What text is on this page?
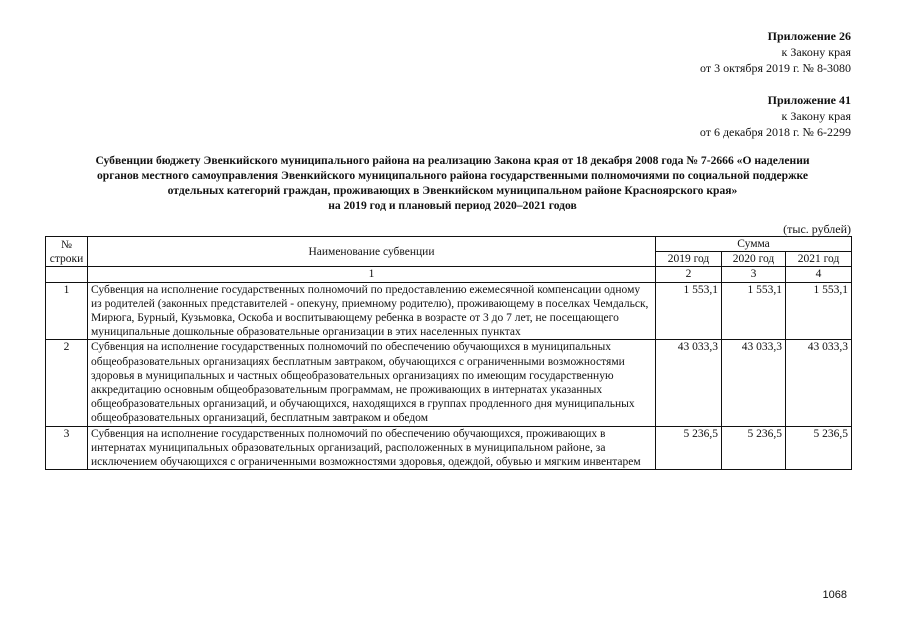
Приложение 26
к Закону края
от 3 октября 2019 г. № 8-3080
Приложение 41
к Закону края
от 6 декабря 2018 г. № 6-2299
Субвенции бюджету Эвенкийского муниципального района на реализацию Закона края от 18 декабря 2008 года № 7-2666 «О наделении
органов местного самоуправления Эвенкийского муниципального района государственными полномочиями по социальной поддержке
отдельных категорий граждан, проживающих в Эвенкийском муниципальном районе Красноярского края»
на 2019 год и плановый период 2020–2021 годов
(тыс. рублей)
№
строки	Наименование субвенции	Сумма		
		2019 год	2020 год	2021 год
	1	2	3	4
1	Субвенция на исполнение государственных полномочий по предоставлению ежемесячной компенсации одному из родителей (законных представителей - опекуну, приемному родителю), проживающему в поселках Чемдальск, Мирюга, Бурный, Кузьмовка, Оскоба и воспитывающему ребенка в возрасте от 3 до 7 лет, не посещающего муниципальные дошкольные образовательные организации в этих населенных пунктах	1 553,1	1 553,1	1 553,1
2	Субвенция на исполнение государственных полномочий по обеспечению обучающихся в муниципальных общеобразовательных организациях бесплатным завтраком, обучающихся с ограниченными возможностями здоровья в муниципальных и частных общеобразовательных организациях по имеющим государственную аккредитацию основным общеобразовательным программам, не проживающих в интернатах указанных общеобразовательных организаций, и обучающихся, находящихся в группах продленного дня муниципальных общеобразовательных организаций, бесплатным завтраком и обедом	43 033,3	43 033,3	43 033,3
3	Субвенция на исполнение государственных полномочий по обеспечению обучающихся, проживающих в интернатах муниципальных образовательных организаций, расположенных в муниципальном районе, за исключением обучающихся с ограниченными возможностями здоровья, одеждой, обувью и мягким инвентарем	5 236,5	5 236,5	5 236,5
1068
